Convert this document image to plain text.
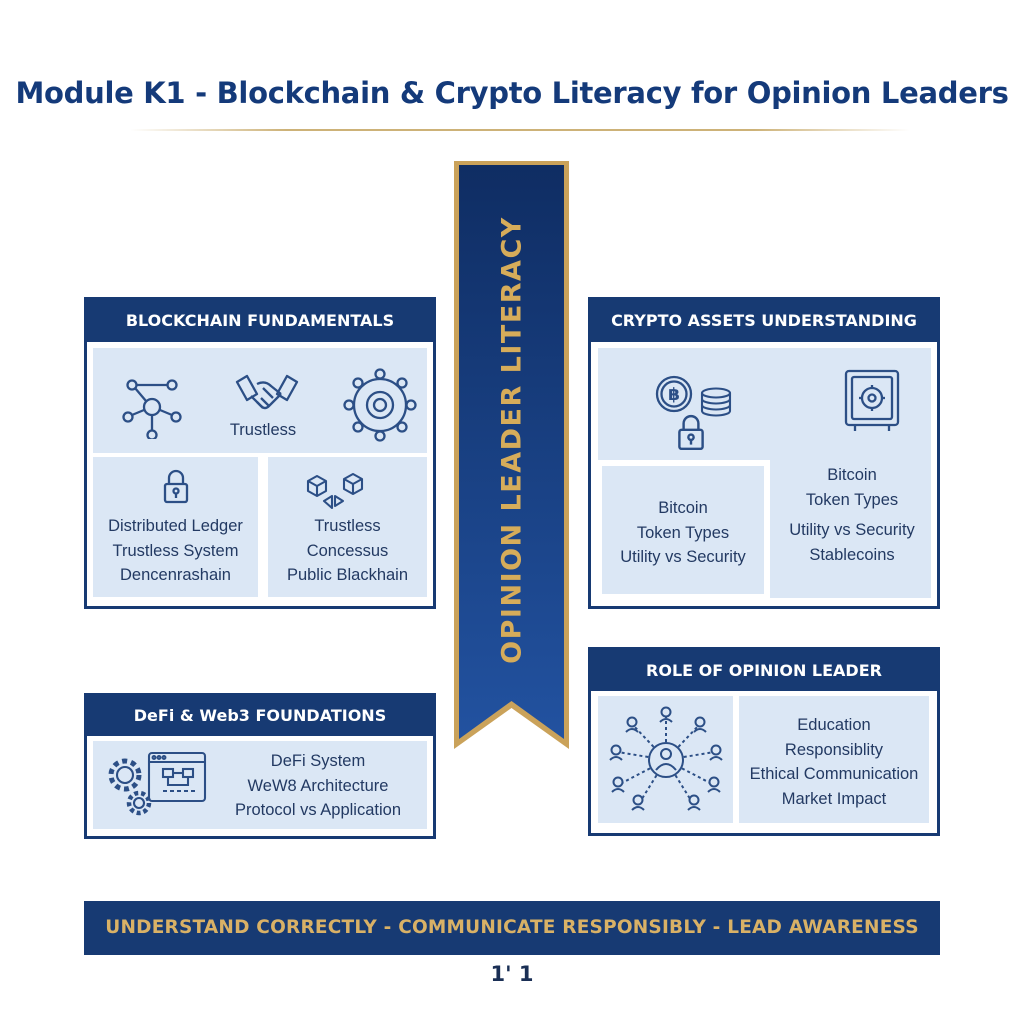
Module K1 - Blockchain & Crypto Literacy for Opinion Leaders
OPINION LEADER LITERACY
BLOCKCHAIN FUNDAMENTALS
Trustless
Distributed Ledger
Trustless System
Dencenrashain
Trustless
Concessus
Public Blackhain
CRYPTO ASSETS UNDERSTANDING
฿
Bitcoin
Token Types
Utility vs Security
Stablecoins
Bitcoin
Token Types
Utility vs Security
DeFi & Web3 FOUNDATIONS
DeFi System
WeW8 Architecture
Protocol vs Application
ROLE OF OPINION LEADER
Education
Responsiblity
Ethical Communication
Market Impact
UNDERSTAND CORRECTLY - COMMUNICATE RESPONSIBLY - LEAD AWARENESS
1' 1
